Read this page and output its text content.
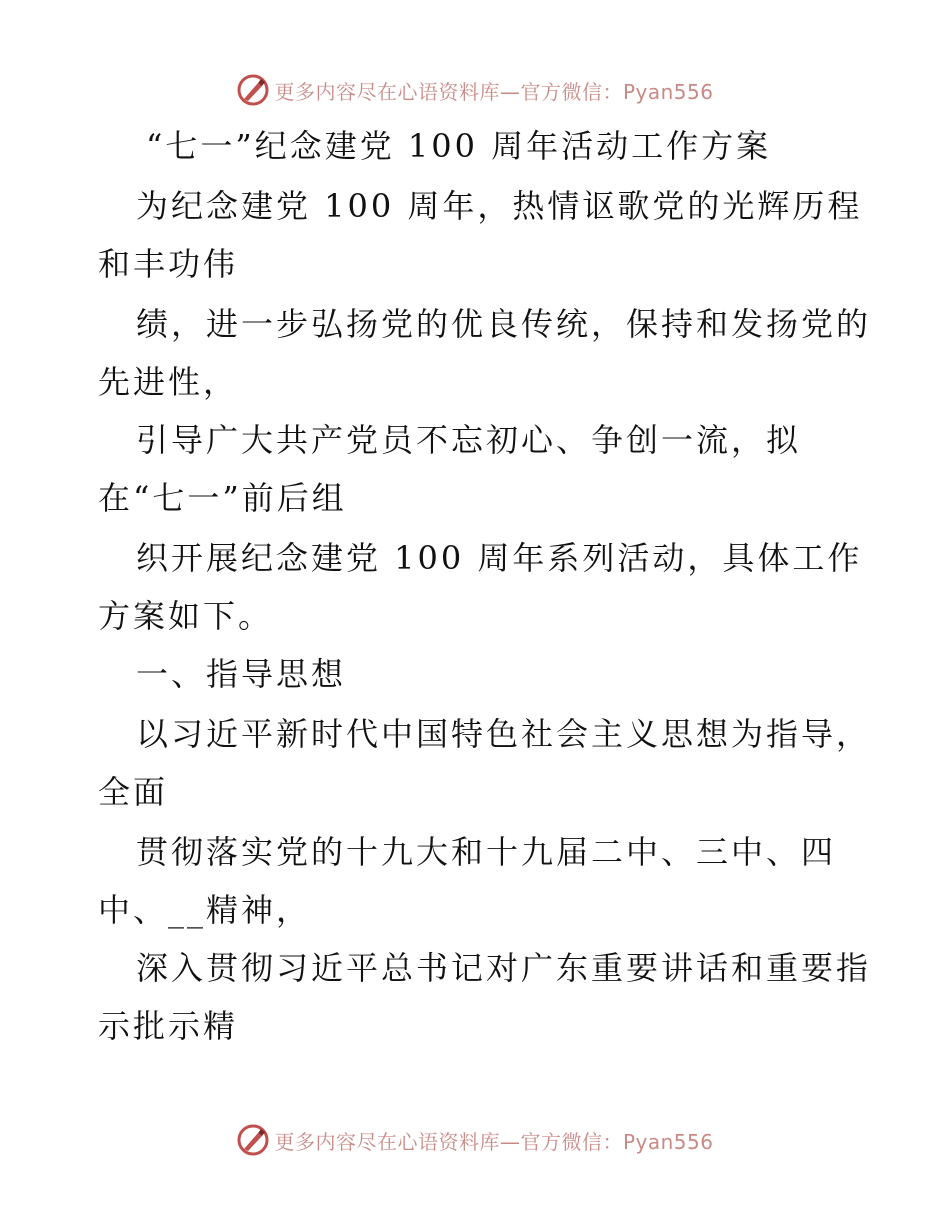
更多内容尽在心语资料库—官方微信：Pyan556
“七一”纪念建党 100 周年活动工作方案
为纪念建党 100 周年，热情讴歌党的光辉历程
和丰功伟
绩，进一步弘扬党的优良传统，保持和发扬党的
先进性，
引导广大共产党员不忘初心、争创一流，拟
在“七一”前后组
织开展纪念建党 100 周年系列活动，具体工作
方案如下。
一、指导思想
以习近平新时代中国特色社会主义思想为指导，
全面
贯彻落实党的十九大和十九届二中、三中、四
中、__精神，
深入贯彻习近平总书记对广东重要讲话和重要指
示批示精
更多内容尽在心语资料库—官方微信：Pyan556
